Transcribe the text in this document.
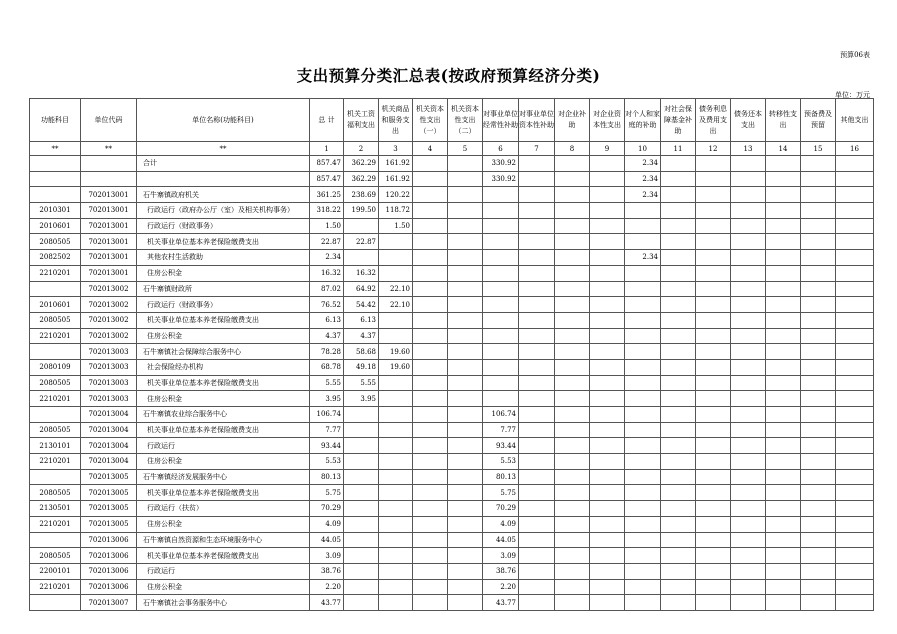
预算06表
支出预算分类汇总表(按政府预算经济分类)
单位：万元
功能科目	单位代码	单位名称(功能科目)	总 计	机关工资福利支出	机关商品和服务支出	机关资本性支出（一）	机关资本性支出（二）	对事业单位经常性补助	对事业单位资本性补助	对企业补助	对企业资本性支出	对个人和家庭的补助	对社会保障基金补助	债务利息及费用支出	债务还本支出	转移性支出	预备费及预留	其他支出
**	**	**	1	2	3	4	5	6	7	8	9	10	11	12	13	14	15	16
		合计	857.47	362.29	161.92			330.92				2.34						
			857.47	362.29	161.92			330.92				2.34						
	702013001	石牛寨镇政府机关	361.25	238.69	120.22							2.34						
2010301	702013001	行政运行（政府办公厅（室）及相关机构事务）	318.22	199.50	118.72													
2010601	702013001	行政运行（财政事务）	1.50		1.50													
2080505	702013001	机关事业单位基本养老保险缴费支出	22.87	22.87														
2082502	702013001	其他农村生活救助	2.34									2.34						
2210201	702013001	住房公积金	16.32	16.32														
	702013002	石牛寨镇财政所	87.02	64.92	22.10													
2010601	702013002	行政运行（财政事务）	76.52	54.42	22.10													
2080505	702013002	机关事业单位基本养老保险缴费支出	6.13	6.13														
2210201	702013002	住房公积金	4.37	4.37														
	702013003	石牛寨镇社会保障综合服务中心	78.28	58.68	19.60													
2080109	702013003	社会保险经办机构	68.78	49.18	19.60													
2080505	702013003	机关事业单位基本养老保险缴费支出	5.55	5.55														
2210201	702013003	住房公积金	3.95	3.95														
	702013004	石牛寨镇农业综合服务中心	106.74					106.74										
2080505	702013004	机关事业单位基本养老保险缴费支出	7.77					7.77										
2130101	702013004	行政运行	93.44					93.44										
2210201	702013004	住房公积金	5.53					5.53										
	702013005	石牛寨镇经济发展服务中心	80.13					80.13										
2080505	702013005	机关事业单位基本养老保险缴费支出	5.75					5.75										
2130501	702013005	行政运行（扶贫）	70.29					70.29										
2210201	702013005	住房公积金	4.09					4.09										
	702013006	石牛寨镇自然资源和生态环境服务中心	44.05					44.05										
2080505	702013006	机关事业单位基本养老保险缴费支出	3.09					3.09										
2200101	702013006	行政运行	38.76					38.76										
2210201	702013006	住房公积金	2.20					2.20										
	702013007	石牛寨镇社会事务服务中心	43.77					43.77										
